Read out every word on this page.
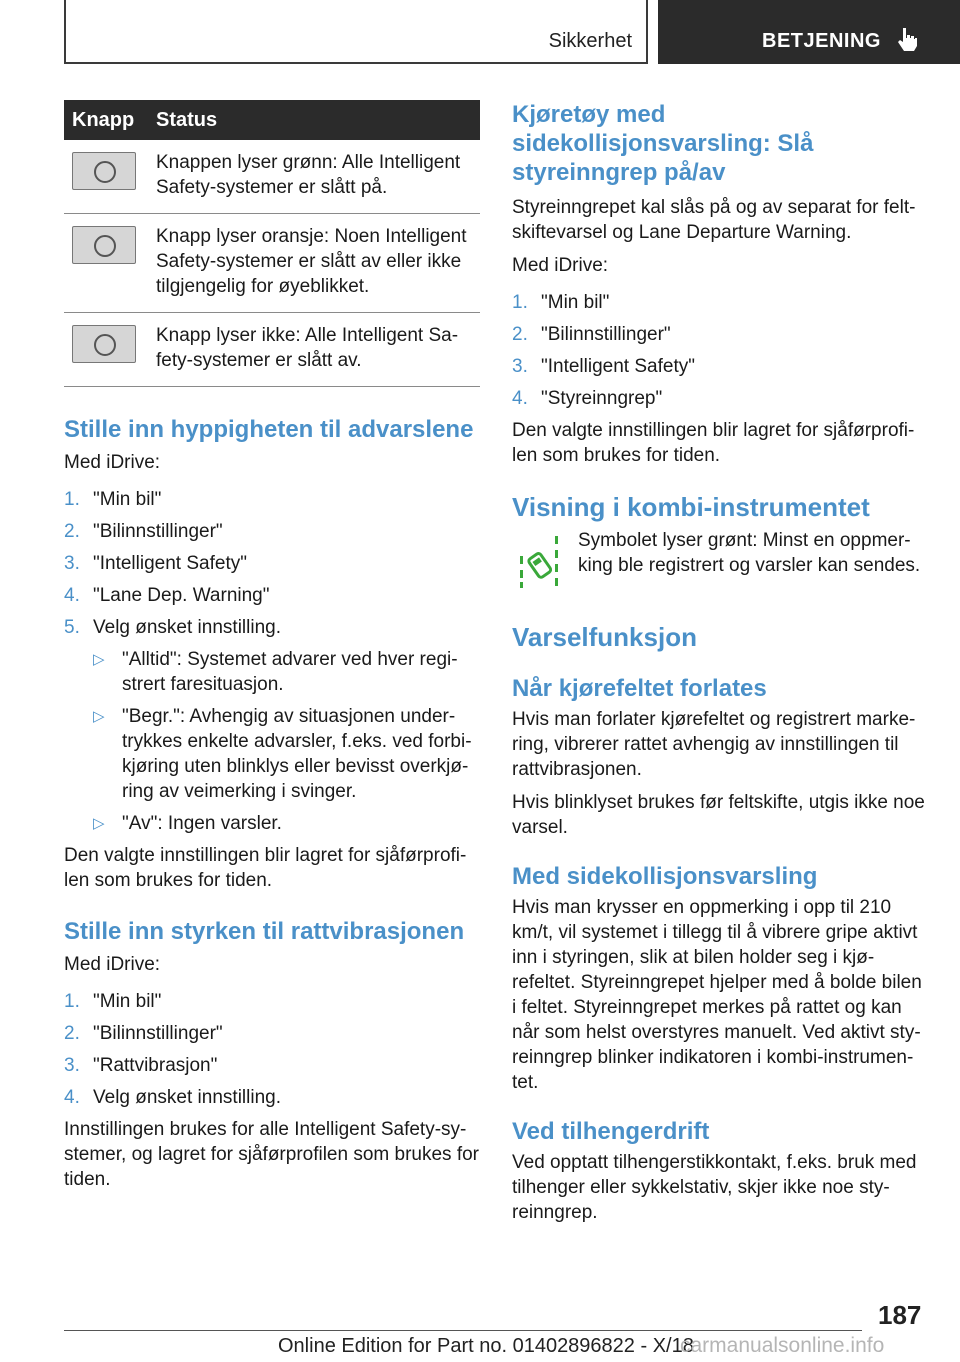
Sikkerhet	BETJENING
Knapp	Status

	Knappen lyser grønn: Alle Intelligent Safety-systemer er slått på.

	Knapp lyser oransje: Noen Intelligent Safety-systemer er slått av eller ikke tilgjengelig for øyeblikket.

	Knapp lyser ikke: Alle Intelligent Sa-fety-systemer er slått av.
Stille inn hyppigheten til advarslene

Med iDrive:

1. "Min bil"
2. "Bilinnstillinger"
3. "Intelligent Safety"
4. "Lane Dep. Warning"
5. Velg ønsket innstilling.
▷ "Alltid": Systemet advarer ved hver regi-strert faresituasjon.
▷ "Begr.": Avhengig av situasjonen under-trykkes enkelte advarsler, f.eks. ved forbi-kjøring uten blinklys eller bevisst overkjø-ring av veimerking i svinger.
▷ "Av": Ingen varsler.

Den valgte innstillingen blir lagret for sjåførprofi-len som brukes for tiden.

Stille inn styrken til rattvibrasjonen

Med iDrive:

1. "Min bil"
2. "Bilinnstillinger"
3. "Rattvibrasjon"
4. Velg ønsket innstilling.

Innstillingen brukes for alle Intelligent Safety-sy-stemer, og lagret for sjåførprofilen som brukes for tiden.

Kjøretøy med sidekollisjonsvarsling: Slå styreinngrep på/av

Styreinngrepet kal slås på og av separat for felt-skiftevarsel og Lane Departure Warning.

Med iDrive:

1. "Min bil"
2. "Bilinnstillinger"
3. "Intelligent Safety"
4. "Styreinngrep"

Den valgte innstillingen blir lagret for sjåførprofi-len som brukes for tiden.

Visning i kombi-instrumentet

Symbolet lyser grønt: Minst en oppmer-king ble registrert og varsler kan sendes.

Varselfunksjon
Når kjørefeltet forlates

Hvis man forlater kjørefeltet og registrert marke-ring, vibrerer rattet avhengig av innstillingen til rattvibrasjonen.

Hvis blinklyset brukes før feltskifte, utgis ikke noe varsel.

Med sidekollisjonsvarsling

Hvis man krysser en oppmerking i opp til 210 km/t, vil systemet i tillegg til å vibrere gripe aktivt inn i styringen, slik at bilen holder seg i kjø-refeltet. Styreinngrepet hjelper med å bolde bilen i feltet. Styreinngrepet merkes på rattet og kan når som helst overstyres manuelt. Ved aktivt sty-reinngrep blinker indikatoren i kombi-instrumen-tet.

Ved tilhengerdrift

Ved opptatt tilhengerstikkontakt, f.eks. bruk med tilhenger eller sykkelstativ, skjer ikke noe sty-reinngrep.

187
Online Edition for Part no. 01402896822 - X/18
carmanualsonline.info
